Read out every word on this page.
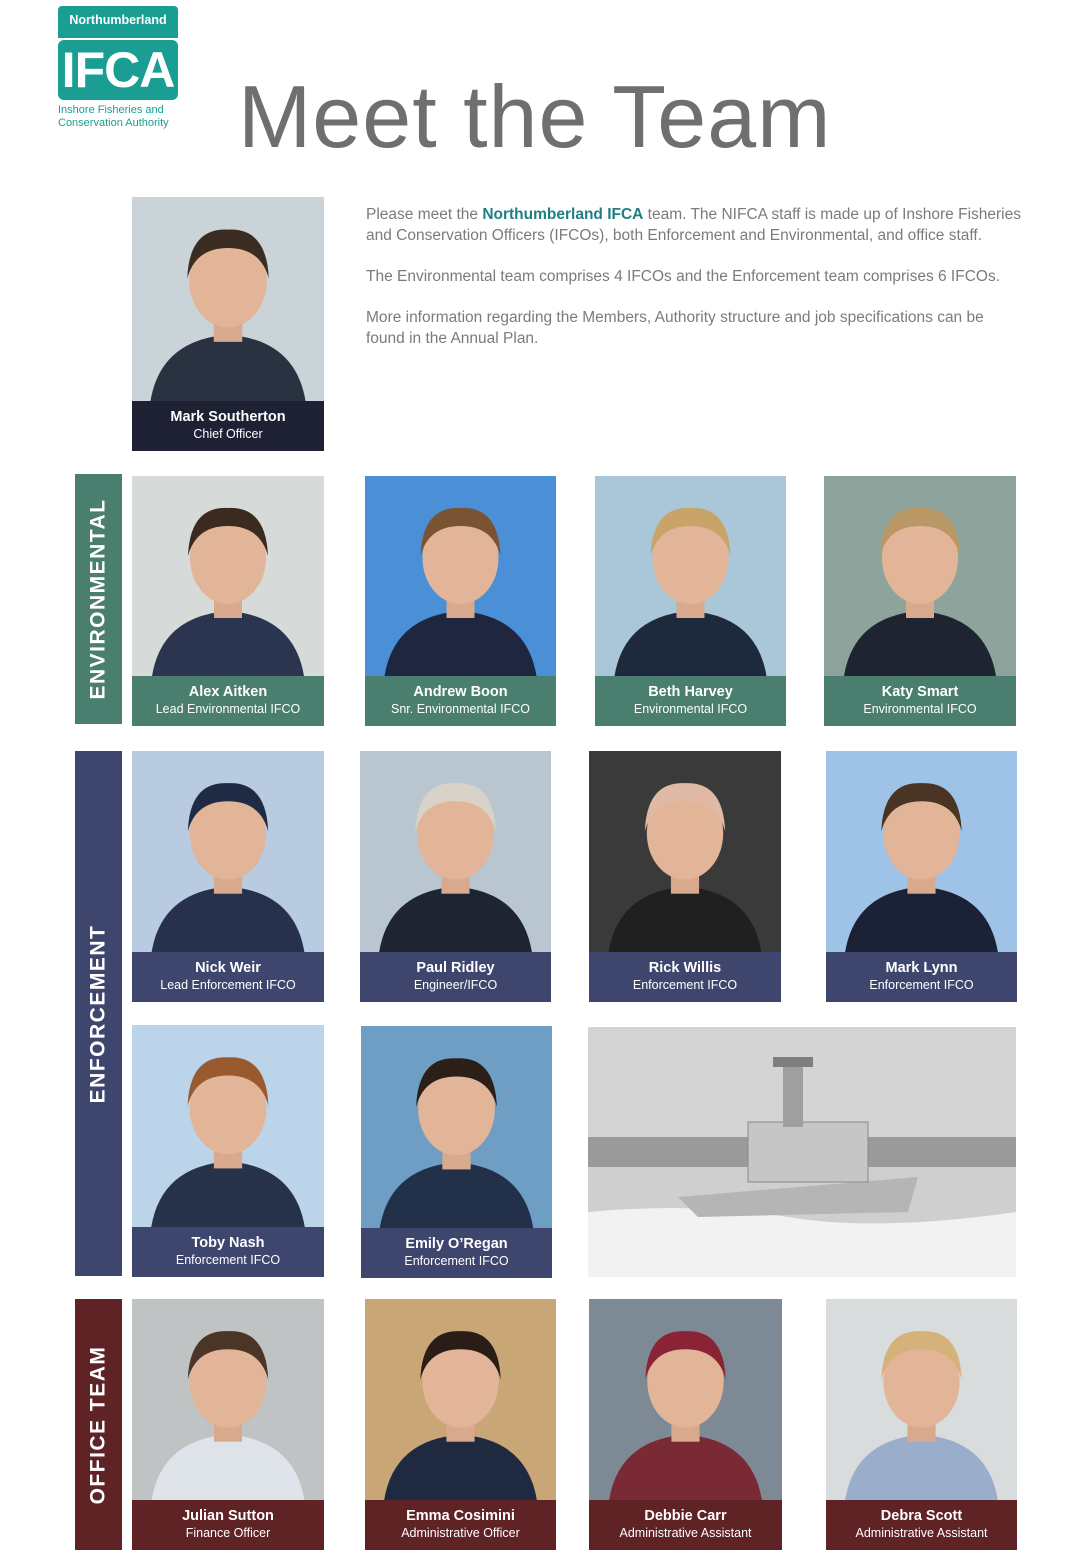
Northumberland
IFCA
Inshore Fisheries and
Conservation Authority Meet the Team

Please meet the Northumberland IFCA team. The NIFCA staff is made up of Inshore Fisheries and Conservation Officers (IFCOs), both Enforcement and Environmental, and office staff.

The Environmental team comprises 4 IFCOs and the Enforcement team comprises 6 IFCOs.

More information regarding the Members, Authority structure and job specifications can be found in the Annual Plan.

Mark Southerton
Chief Officer
ENVIRONMENTAL
ENFORCEMENT
OFFICE TEAM
Alex Aitken
Lead Environmental IFCO
Andrew Boon
Snr. Environmental IFCO
Beth Harvey
Environmental IFCO
Katy Smart
Environmental IFCO
Nick Weir
Lead Enforcement IFCO
Paul Ridley
Engineer/IFCO
Rick Willis
Enforcement IFCO
Mark Lynn
Enforcement IFCO
Toby Nash
Enforcement IFCO
Emily O’Regan
Enforcement IFCO
Julian Sutton
Finance Officer
Emma Cosimini
Administrative Officer
Debbie Carr
Administrative Assistant
Debra Scott
Administrative Assistant
